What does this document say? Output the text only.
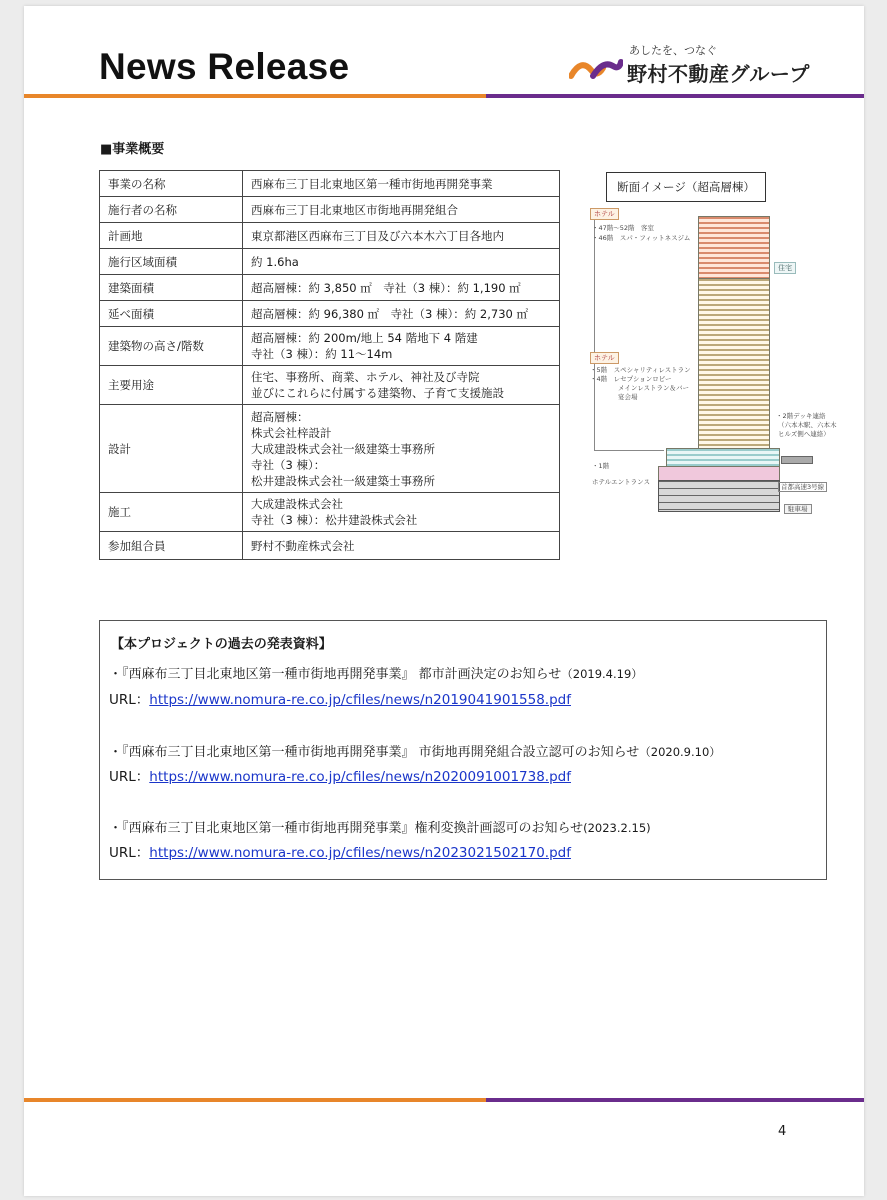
News Release	あしたを、つなぐ
野村不動産グループ
■事業概要
事業の名称	西麻布三丁目北東地区第一種市街地再開発事業

施行者の名称	西麻布三丁目北東地区市街地再開発組合

計画地	東京都港区西麻布三丁目及び六本木六丁目各地内

施行区域面積	約 1.6ha

建築面積	超高層棟：約 3,850 ㎡　寺社（3 棟）：約 1,190 ㎡

延べ面積	超高層棟：約 96,380 ㎡　寺社（3 棟）：約 2,730 ㎡

建築物の高さ/階数	超高層棟：約 200m/地上 54 階地下 4 階建
寺社（3 棟）：約 11～14m

主要用途	住宅、事務所、商業、ホテル、神社及び寺院
並びにこれらに付属する建築物、子育て支援施設

設計	超高層棟：
株式会社梓設計
大成建設株式会社一級建築士事務所
寺社（3 棟）：
松井建設株式会社一級建築士事務所

施工	大成建設株式会社
寺社（3 棟）：松井建設株式会社

参加組合員	野村不動産株式会社
断面イメージ（超高層棟）
ホテル
・47階～52階　客室
・46階　スパ・フィットネスジム
住宅
ホテル
・5階　スペシャリティレストラン
・4階　レセプションロビー
メインレストラン＆バー
宴会場
・2階デッキ連絡
（六本木駅、六本木
ヒルズ側へ連絡）
・1階
ホテルエントランス
首都高速3号線
駐車場
【本プロジェクトの過去の発表資料】
・『西麻布三丁目北東地区第一種市街地再開発事業』 都市計画決定のお知らせ（2019.4.19）
URL：https://www.nomura-re.co.jp/cfiles/news/n2019041901558.pdf
・『西麻布三丁目北東地区第一種市街地再開発事業』 市街地再開発組合設立認可のお知らせ（2020.9.10）
URL：https://www.nomura-re.co.jp/cfiles/news/n2020091001738.pdf
・『西麻布三丁目北東地区第一種市街地再開発事業』権利変換計画認可のお知らせ(2023.2.15)
URL：https://www.nomura-re.co.jp/cfiles/news/n2023021502170.pdf
4
